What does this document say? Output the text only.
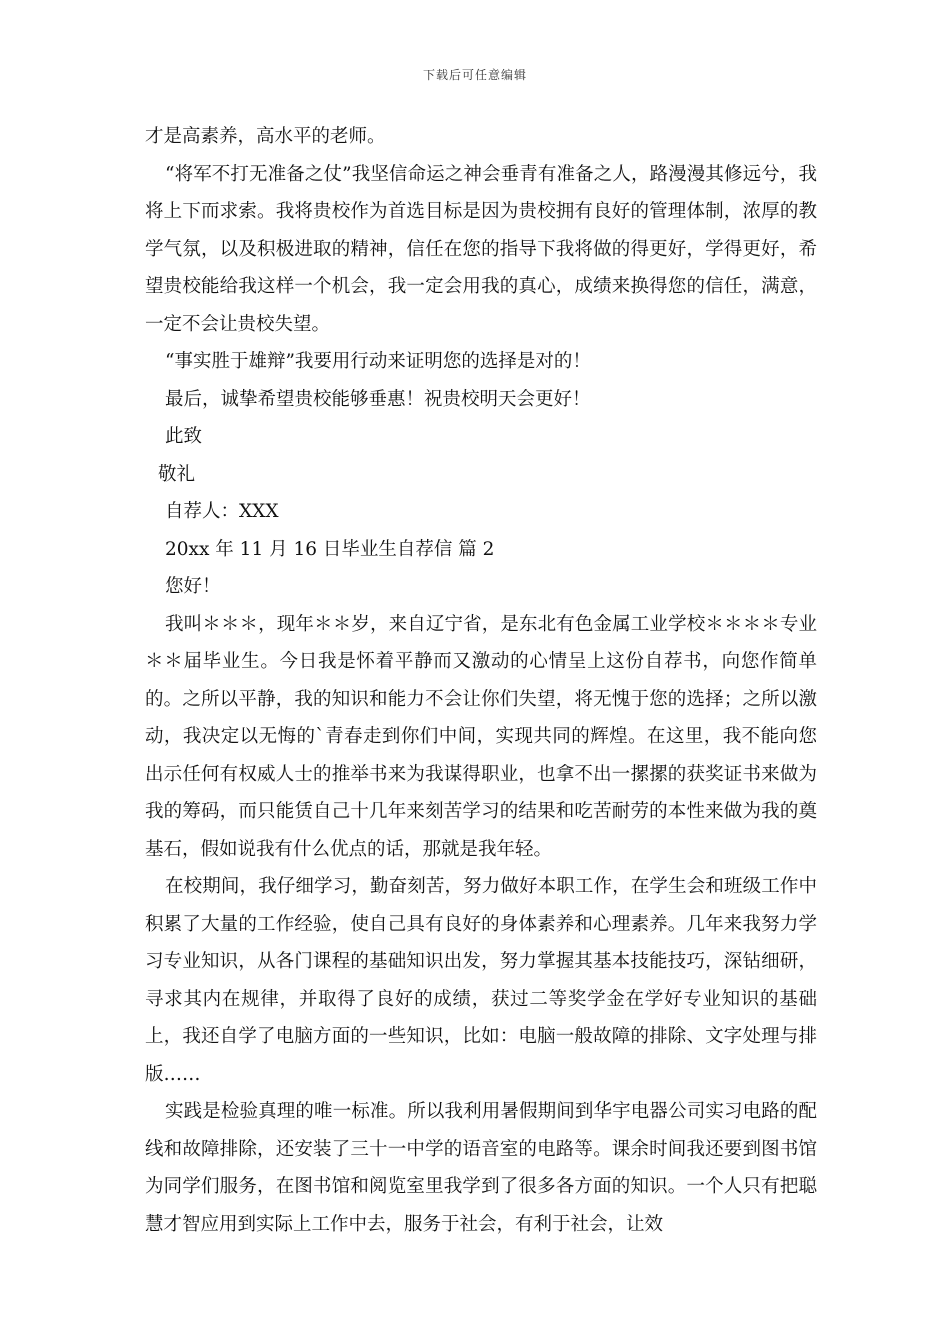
下载后可任意编辑

才是高素养，高水平的老师。

“将军不打无准备之仗”我坚信命运之神会垂青有准备之人，路漫漫其修远兮，我将上下而求索。我将贵校作为首选目标是因为贵校拥有良好的管理体制，浓厚的教学气氛，以及积极进取的精神，信任在您的指导下我将做的得更好，学得更好，希望贵校能给我这样一个机会，我一定会用我的真心，成绩来换得您的信任，满意，一定不会让贵校失望。

“事实胜于雄辩”我要用行动来证明您的选择是对的！

最后，诚挚希望贵校能够垂惠！祝贵校明天会更好！

此致

敬礼

自荐人：XXX

20xx 年 11 月 16 日毕业生自荐信 篇 2

您好！

我叫＊＊＊，现年＊＊岁，来自辽宁省，是东北有色金属工业学校＊＊＊＊专业＊＊届毕业生。今日我是怀着平静而又激动的心情呈上这份自荐书，向您作简单的。之所以平静，我的知识和能力不会让你们失望，将无愧于您的选择；之所以激动，我决定以无悔的`青春走到你们中间，实现共同的辉煌。在这里，我不能向您出示任何有权威人士的推举书来为我谋得职业，也拿不出一摞摞的获奖证书来做为我的筹码，而只能赁自己十几年来刻苦学习的结果和吃苦耐劳的本性来做为我的奠基石，假如说我有什么优点的话，那就是我年轻。

在校期间，我仔细学习，勤奋刻苦，努力做好本职工作，在学生会和班级工作中积累了大量的工作经验，使自己具有良好的身体素养和心理素养。几年来我努力学习专业知识，从各门课程的基础知识出发，努力掌握其基本技能技巧，深钻细研，寻求其内在规律，并取得了良好的成绩，获过二等奖学金在学好专业知识的基础上，我还自学了电脑方面的一些知识，比如：电脑一般故障的排除、文字处理与排版……

实践是检验真理的唯一标准。所以我利用暑假期间到华宇电器公司实习电路的配线和故障排除，还安装了三十一中学的语音室的电路等。课余时间我还要到图书馆为同学们服务，在图书馆和阅览室里我学到了很多各方面的知识。一个人只有把聪慧才智应用到实际上工作中去，服务于社会，有利于社会，让效
